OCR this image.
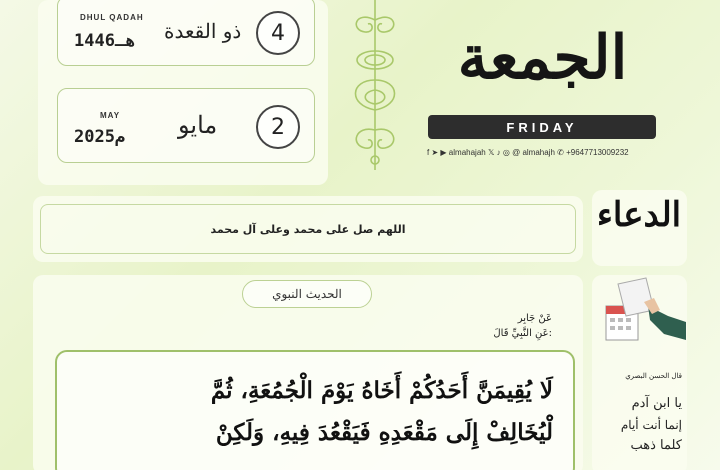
DHUL QADAH
1446هـ ذو القعدة	4
MAY
2025م مايو	2
الجمعة
FRIDAY
f ➤ ▶ almahajah 𝕏 ♪ ◎ @ almahajh ✆ +9647713009232
اللهم صل على محمد وعلى آل محمد	الدعاء
الحديث النبوي
عَنْ جَابِر
عَنِ النَّبِيِّ قَالَ:
لَا يُقِيمَنَّ أَحَدُكُمْ أَخَاهُ يَوْمَ الْجُمُعَةِ، ثُمَّ
لْيُخَالِفْ إِلَى مَقْعَدِهِ فَيَقْعُدَ فِيهِ، وَلَكِنْ
قال الحسن البصري
يا ابن آدم
إنما أنت أيام
كلما ذهب
